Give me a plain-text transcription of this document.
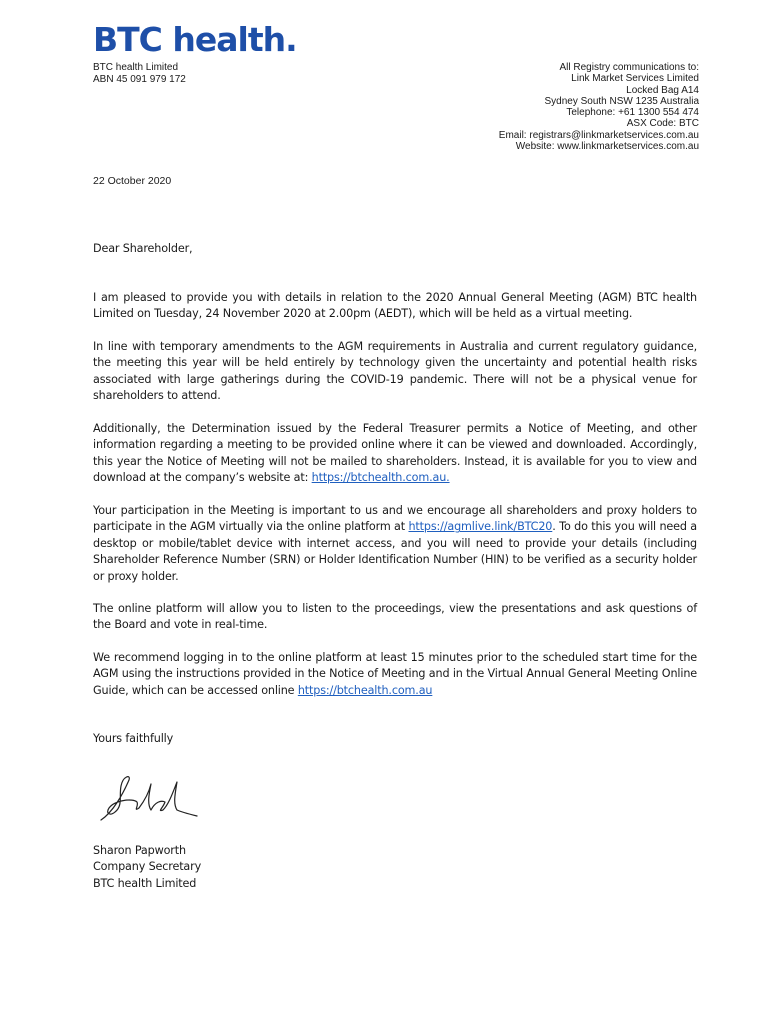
BTC health.
BTC health Limited
ABN 45 091 979 172
All Registry communications to:
Link Market Services Limited
Locked Bag A14
Sydney South NSW 1235 Australia
Telephone: +61 1300 554 474
ASX Code: BTC
Email: registrars@linkmarketservices.com.au
Website: www.linkmarketservices.com.au
22 October 2020
Dear Shareholder,
I am pleased to provide you with details in relation to the 2020 Annual General Meeting (AGM) BTC health Limited on Tuesday, 24 November 2020 at 2.00pm (AEDT), which will be held as a virtual meeting.
In line with temporary amendments to the AGM requirements in Australia and current regulatory guidance, the meeting this year will be held entirely by technology given the uncertainty and potential health risks associated with large gatherings during the COVID-19 pandemic. There will not be a physical venue for shareholders to attend.
Additionally, the Determination issued by the Federal Treasurer permits a Notice of Meeting, and other information regarding a meeting to be provided online where it can be viewed and downloaded. Accordingly, this year the Notice of Meeting will not be mailed to shareholders. Instead, it is available for you to view and download at the company’s website at: https://btchealth.com.au.
Your participation in the Meeting is important to us and we encourage all shareholders and proxy holders to participate in the AGM virtually via the online platform at https://agmlive.link/BTC20. To do this you will need a desktop or mobile/tablet device with internet access, and you will need to provide your details (including Shareholder Reference Number (SRN) or Holder Identification Number (HIN) to be verified as a security holder or proxy holder.
The online platform will allow you to listen to the proceedings, view the presentations and ask questions of the Board and vote in real-time.
We recommend logging in to the online platform at least 15 minutes prior to the scheduled start time for the AGM using the instructions provided in the Notice of Meeting and in the Virtual Annual General Meeting Online Guide, which can be accessed online https://btchealth.com.au
Yours faithfully
Sharon Papworth
Company Secretary
BTC health Limited
